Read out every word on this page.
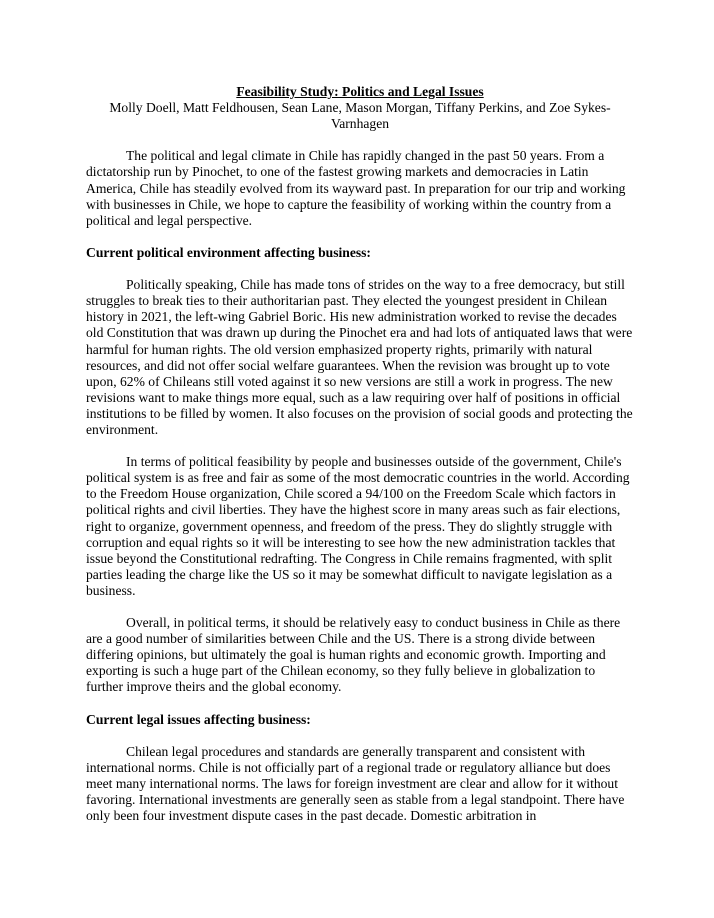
Feasibility Study: Politics and Legal Issues

Molly Doell, Matt Feldhousen, Sean Lane, Mason Morgan, Tiffany Perkins, and Zoe Sykes-Varnhagen

The political and legal climate in Chile has rapidly changed in the past 50 years. From a dictatorship run by Pinochet, to one of the fastest growing markets and democracies in Latin America, Chile has steadily evolved from its wayward past. In preparation for our trip and working with businesses in Chile, we hope to capture the feasibility of working within the country from a political and legal perspective.

Current political environment affecting business:

Politically speaking, Chile has made tons of strides on the way to a free democracy, but still struggles to break ties to their authoritarian past. They elected the youngest president in Chilean history in 2021, the left-wing Gabriel Boric. His new administration worked to revise the decades old Constitution that was drawn up during the Pinochet era and had lots of antiquated laws that were harmful for human rights. The old version emphasized property rights, primarily with natural resources, and did not offer social welfare guarantees. When the revision was brought up to vote upon, 62% of Chileans still voted against it so new versions are still a work in progress. The new revisions want to make things more equal, such as a law requiring over half of positions in official institutions to be filled by women. It also focuses on the provision of social goods and protecting the environment.

In terms of political feasibility by people and businesses outside of the government, Chile's political system is as free and fair as some of the most democratic countries in the world. According to the Freedom House organization, Chile scored a 94/100 on the Freedom Scale which factors in political rights and civil liberties. They have the highest score in many areas such as fair elections, right to organize, government openness, and freedom of the press. They do slightly struggle with corruption and equal rights so it will be interesting to see how the new administration tackles that issue beyond the Constitutional redrafting. The Congress in Chile remains fragmented, with split parties leading the charge like the US so it may be somewhat difficult to navigate legislation as a business.

Overall, in political terms, it should be relatively easy to conduct business in Chile as there are a good number of similarities between Chile and the US. There is a strong divide between differing opinions, but ultimately the goal is human rights and economic growth. Importing and exporting is such a huge part of the Chilean economy, so they fully believe in globalization to further improve theirs and the global economy.

Current legal issues affecting business:

Chilean legal procedures and standards are generally transparent and consistent with international norms. Chile is not officially part of a regional trade or regulatory alliance but does meet many international norms. The laws for foreign investment are clear and allow for it without favoring. International investments are generally seen as stable from a legal standpoint. There have only been four investment dispute cases in the past decade. Domestic arbitration in
